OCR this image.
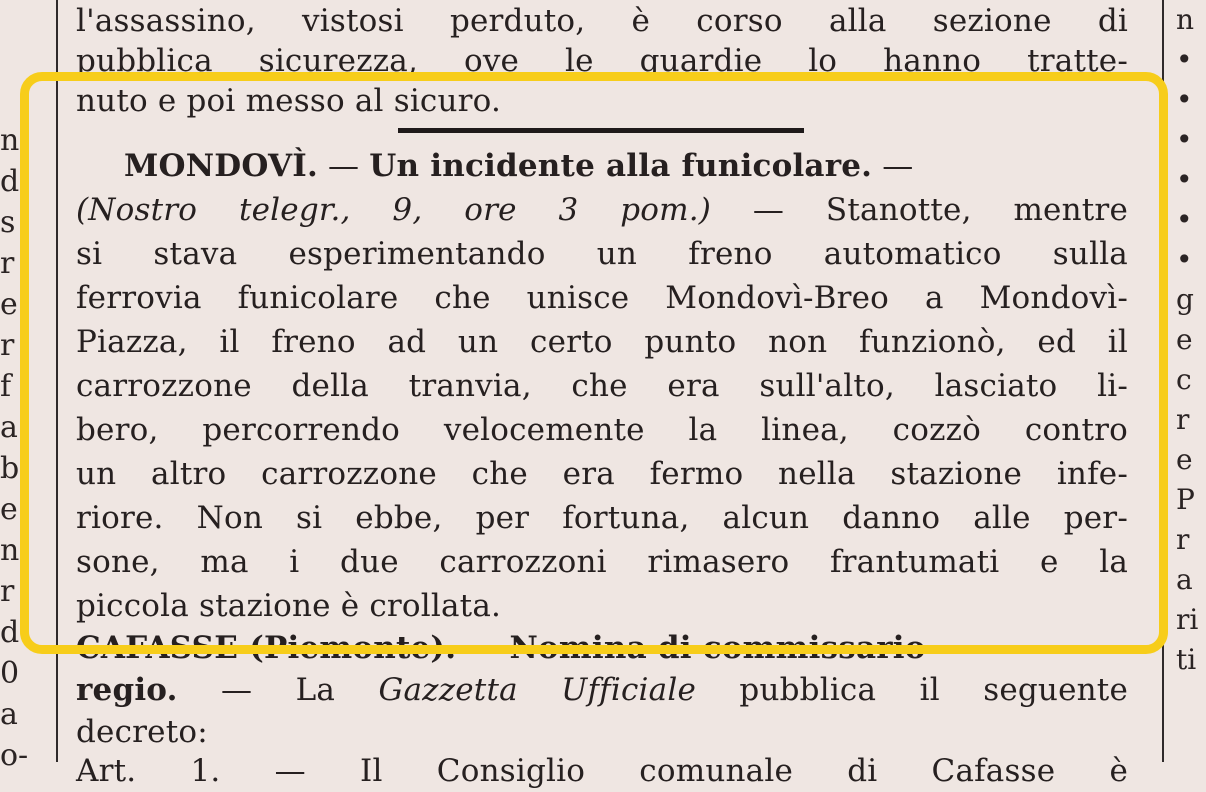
n
d
s
r
e
r
f
a
b
e
n
r
d
0
a
o-
n
•
•
•
•
•
•
g
e
c
r
e
P
r
a
ri
ti
l'assassino, vistosi perduto, è corso alla sezione di
pubblica sicurezza, ove le guardie lo hanno tratte-
nuto e poi messo al sicuro.
MONDOVÌ. — Un incidente alla funicolare. —
(Nostro telegr., 9, ore 3 pom.) — Stanotte, mentre
si stava esperimentando un freno automatico sulla
ferrovia funicolare che unisce Mondovì-Breo a Mondovì-
Piazza, il freno ad un certo punto non funzionò, ed il
carrozzone della tranvia, che era sull'alto, lasciato li-
bero, percorrendo velocemente la linea, cozzò contro
un altro carrozzone che era fermo nella stazione infe-
riore. Non si ebbe, per fortuna, alcun danno alle per-
sone, ma i due carrozzoni rimasero frantumati e la
piccola stazione è crollata.
CAFASSE (Piemonte). — Nomina di commissario
regio. — La Gazzetta Ufficiale pubblica il seguente
decreto:
Art. 1. — Il Consiglio comunale di Cafasse è
